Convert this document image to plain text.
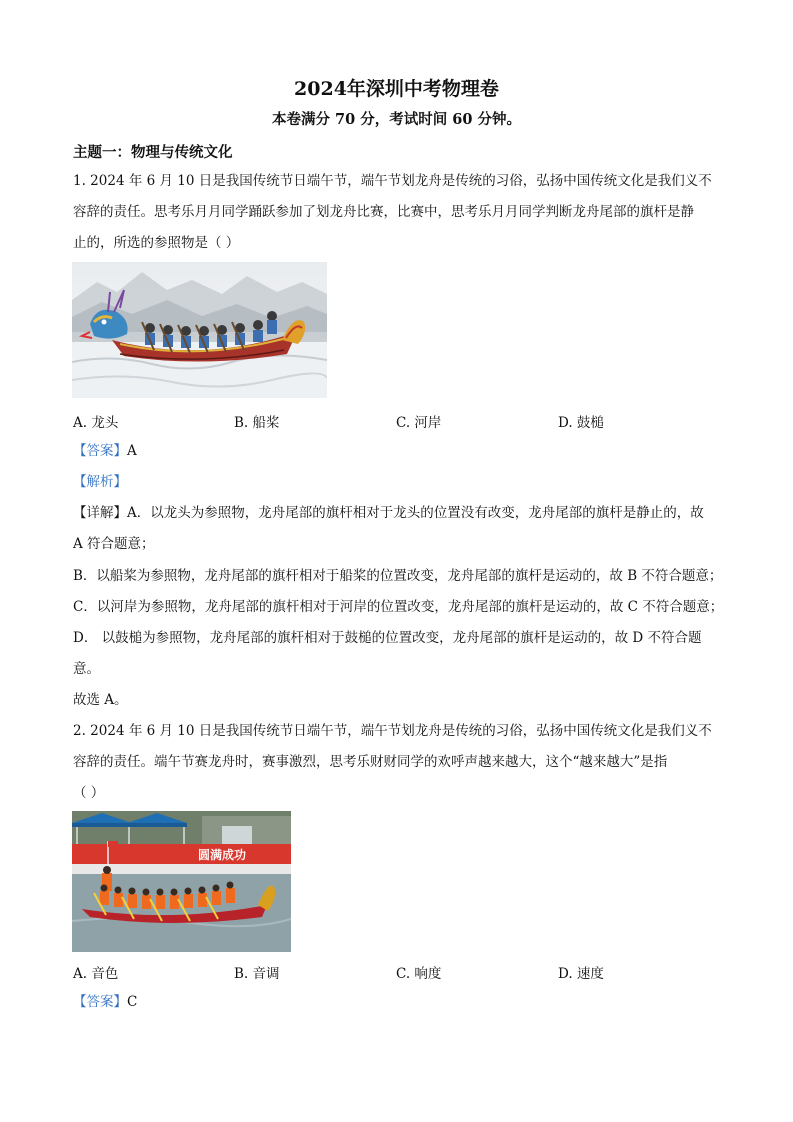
2024年深圳中考物理卷
本卷满分 70 分，考试时间 60 分钟。
主题一：物理与传统文化
1. 2024 年 6 月 10 日是我国传统节日端午节，端午节划龙舟是传统的习俗，弘扬中国传统文化是我们义不
容辞的责任。思考乐月月同学踊跃参加了划龙舟比赛，比赛中，思考乐月月同学判断龙舟尾部的旗杆是静
止的，所选的参照物是（ ）
A. 龙头	B. 船桨	C. 河岸	D. 鼓槌
【答案】A
【解析】
【详解】A．以龙头为参照物，龙舟尾部的旗杆相对于龙头的位置没有改变，龙舟尾部的旗杆是静止的，故
A 符合题意；
B．以船桨为参照物，龙舟尾部的旗杆相对于船桨的位置改变，龙舟尾部的旗杆是运动的，故 B 不符合题意；
C．以河岸为参照物，龙舟尾部的旗杆相对于河岸的位置改变，龙舟尾部的旗杆是运动的，故 C 不符合题意；
D． 以鼓槌为参照物，龙舟尾部的旗杆相对于鼓槌的位置改变，龙舟尾部的旗杆是运动的，故 D 不符合题
意。
故选 A。
2. 2024 年 6 月 10 日是我国传统节日端午节，端午节划龙舟是传统的习俗，弘扬中国传统文化是我们义不
容辞的责任。端午节赛龙舟时，赛事激烈，思考乐财财同学的欢呼声越来越大，这个“越来越大”是指
（ ）
圆满成功
A. 音色	B. 音调	C. 响度	D. 速度
【答案】C
